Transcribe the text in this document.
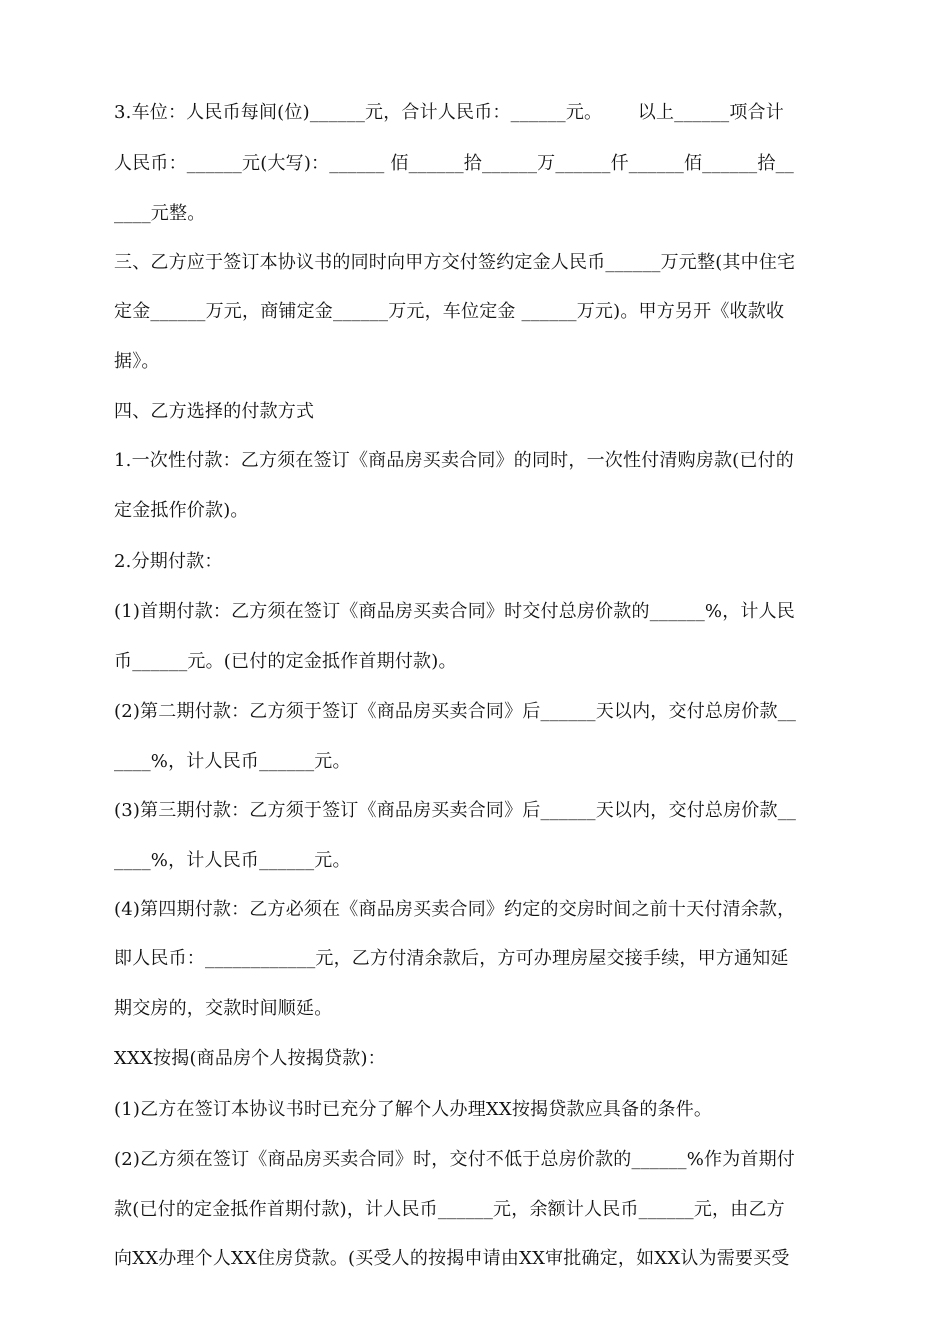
3.车位：人民币每间(位)______元，合计人民币：______元。      以上______项合计
人民币：______元(大写)：______ 佰______拾______万______仟______佰______拾__
____元整。
三、乙方应于签订本协议书的同时向甲方交付签约定金人民币______万元整(其中住宅
定金______万元，商铺定金______万元，车位定金 ______万元)。甲方另开《收款收
据》。
四、乙方选择的付款方式
1.一次性付款：乙方须在签订《商品房买卖合同》的同时，一次性付清购房款(已付的
定金抵作价款)。
2.分期付款：
(1)首期付款：乙方须在签订《商品房买卖合同》时交付总房价款的______%，计人民
币______元。(已付的定金抵作首期付款)。
(2)第二期付款：乙方须于签订《商品房买卖合同》后______天以内，交付总房价款__
____%，计人民币______元。
(3)第三期付款：乙方须于签订《商品房买卖合同》后______天以内，交付总房价款__
____%，计人民币______元。
(4)第四期付款：乙方必须在《商品房买卖合同》约定的交房时间之前十天付清余款，
即人民币：____________元，乙方付清余款后，方可办理房屋交接手续，甲方通知延
期交房的，交款时间顺延。
XXX按揭(商品房个人按揭贷款)：
(1)乙方在签订本协议书时已充分了解个人办理XX按揭贷款应具备的条件。
(2)乙方须在签订《商品房买卖合同》时，交付不低于总房价款的______%作为首期付
款(已付的定金抵作首期付款)，计人民币______元，余额计人民币______元，由乙方
向XX办理个人XX住房贷款。(买受人的按揭申请由XX审批确定，如XX认为需要买受
